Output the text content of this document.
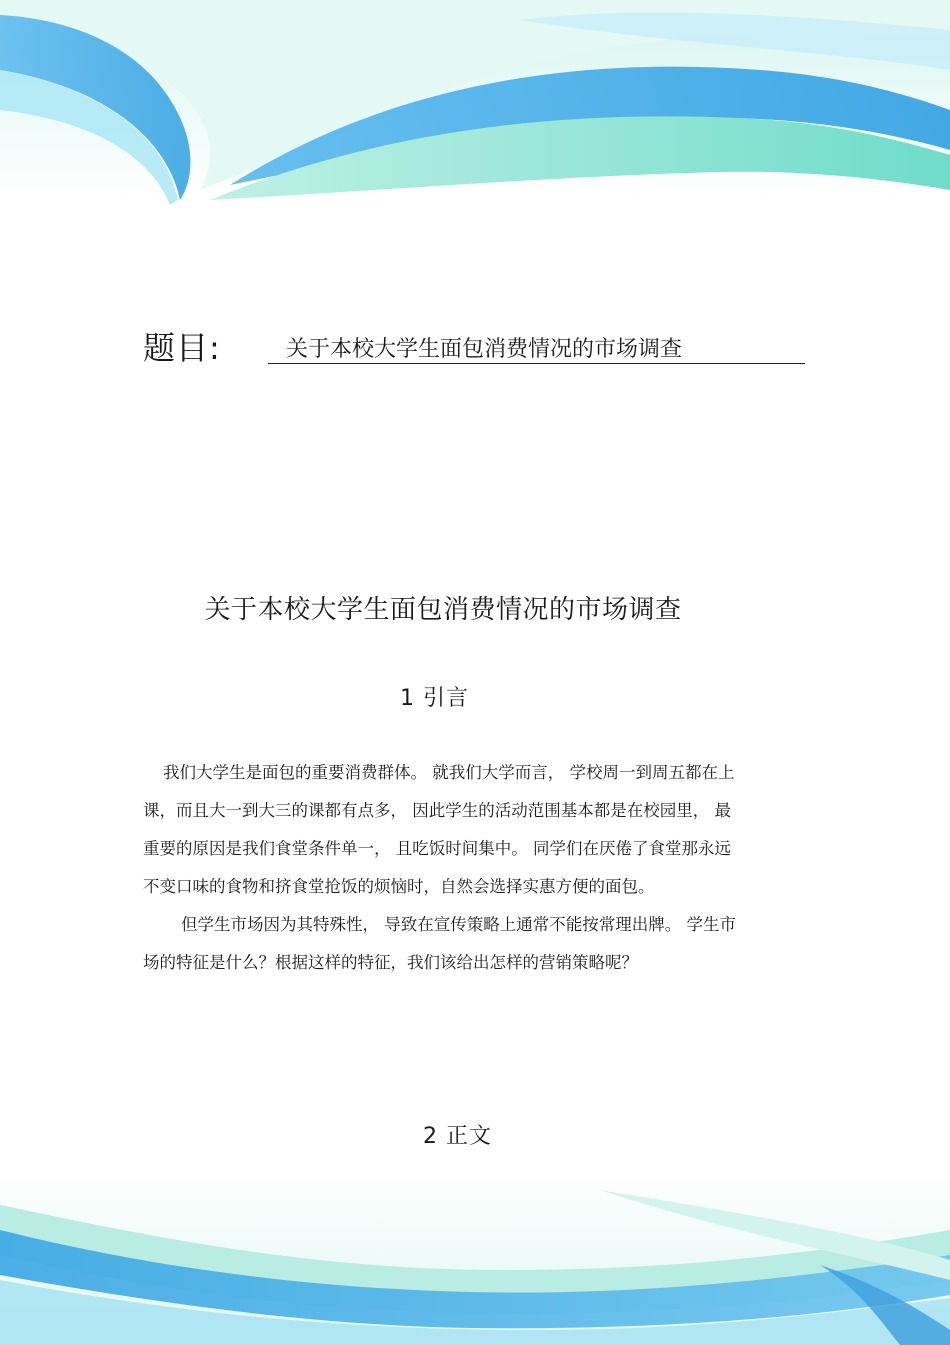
题目:	关于本校大学生面包消费情况的市场调查
关于本校大学生面包消费情况的市场调查
1 引言
我们大学生是面包的重要消费群体。 就我们大学而言， 学校周一到周五都在上
课，而且大一到大三的课都有点多， 因此学生的活动范围基本都是在校园里， 最
重要的原因是我们食堂条件单一， 且吃饭时间集中。 同学们在厌倦了食堂那永远
不变口味的食物和挤食堂抢饭的烦恼时，自然会选择实惠方便的面包。
但学生市场因为其特殊性， 导致在宣传策略上通常不能按常理出牌。 学生市
场的特征是什么？根据这样的特征，我们该给出怎样的营销策略呢？
2 正文
